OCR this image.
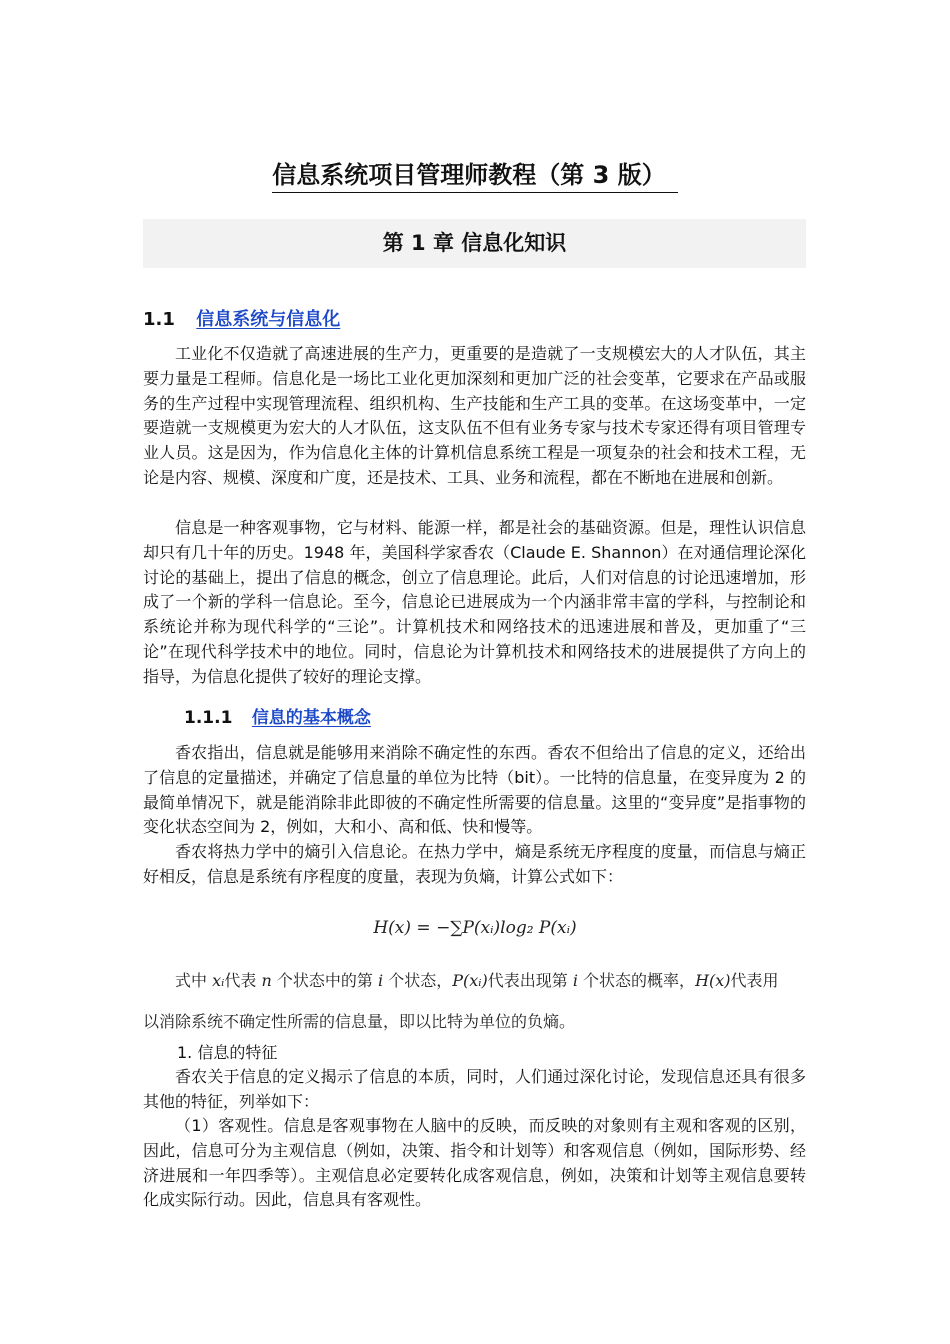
信息系统项目管理师教程（第 3 版）
第 1 章 信息化知识
1.1 信息系统与信息化

工业化不仅造就了高速进展的生产力，更重要的是造就了一支规模宏大的人才队伍，其主要力量是工程师。信息化是一场比工业化更加深刻和更加广泛的社会变革，它要求在产品或服务的生产过程中实现管理流程、组织机构、生产技能和生产工具的变革。在这场变革中，一定要造就一支规模更为宏大的人才队伍，这支队伍不但有业务专家与技术专家还得有项目管理专业人员。这是因为，作为信息化主体的计算机信息系统工程是一项复杂的社会和技术工程，无论是内容、规模、深度和广度，还是技术、工具、业务和流程，都在不断地在进展和创新。

信息是一种客观事物，它与材料、能源一样，都是社会的基础资源。但是，理性认识信息却只有几十年的历史。1948 年，美国科学家香农（Claude E. Shannon）在对通信理论深化讨论的基础上，提出了信息的概念，创立了信息理论。此后，人们对信息的讨论迅速增加，形成了一个新的学科一信息论。至今，信息论已进展成为一个内涵非常丰富的学科，与控制论和系统论并称为现代科学的“三论”。计算机技术和网络技术的迅速进展和普及，更加重了“三论”在现代科学技术中的地位。同时，信息论为计算机技术和网络技术的进展提供了方向上的指导，为信息化提供了较好的理论支撑。

1.1.1 信息的基本概念

香农指出，信息就是能够用来消除不确定性的东西。香农不但给出了信息的定义，还给出了信息的定量描述，并确定了信息量的单位为比特（bit）。一比特的信息量，在变异度为 2 的最简单情况下，就是能消除非此即彼的不确定性所需要的信息量。这里的“变异度”是指事物的变化状态空间为 2，例如，大和小、高和低、快和慢等。

香农将热力学中的熵引入信息论。在热力学中，熵是系统无序程度的度量，而信息与熵正好相反，信息是系统有序程度的度量，表现为负熵，计算公式如下：

H(x) = −∑P(xᵢ)log₂ P(xᵢ)

式中 xᵢ代表 n 个状态中的第 i 个状态，P(xᵢ)代表出现第 i 个状态的概率，H(x)代表用

以消除系统不确定性所需的信息量，即以比特为单位的负熵。

1. 信息的特征

香农关于信息的定义揭示了信息的本质，同时，人们通过深化讨论，发现信息还具有很多其他的特征，列举如下：

（1）客观性。信息是客观事物在人脑中的反映，而反映的对象则有主观和客观的区别，因此，信息可分为主观信息（例如，决策、指令和计划等）和客观信息（例如，国际形势、经济进展和一年四季等）。主观信息必定要转化成客观信息，例如，决策和计划等主观信息要转化成实际行动。因此，信息具有客观性。
